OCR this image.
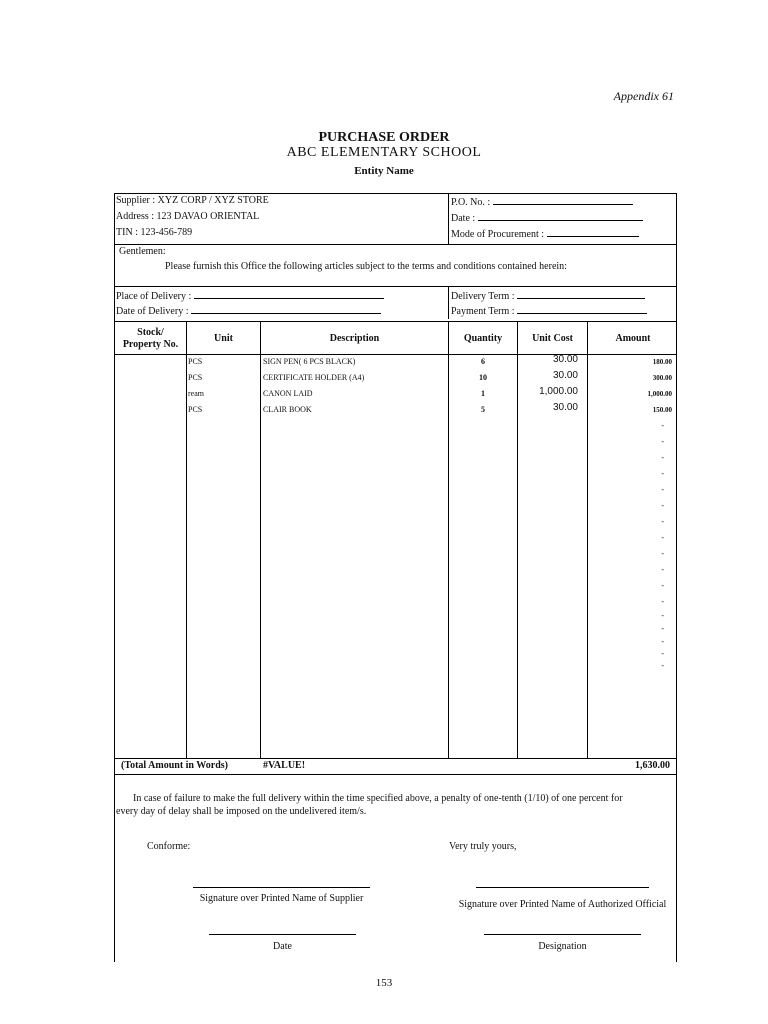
Appendix 61
PURCHASE ORDER
ABC ELEMENTARY SCHOOL
Entity Name
Supplier : XYZ CORP / XYZ STORE
Address : 123 DAVAO ORIENTAL
TIN : 123-456-789
P.O. No. :
Date :
Mode of Procurement :
Gentlemen:
Please furnish this Office the following articles subject to the terms and conditions contained herein:
Place of Delivery :
Date of Delivery :
Delivery Term :
Payment Term :
Stock/
Property No.
Unit	Description	Quantity	Unit Cost	Amount
PCS	SIGN PEN( 6 PCS BLACK)	6	30.00	180.00
PCS	CERTIFICATE HOLDER (A4)	10	30.00	300.00
ream	CANON LAID	1	1,000.00	1,000.00
PCS	CLAIR BOOK	5	30.00	150.00
-
-
-
-
-
-
-
-
-
-
-
-
-
-
-
-
-
(Total Amount in Words)	#VALUE!	1,630.00
In case of failure to make the full delivery within the time specified above, a penalty of one-tenth (1/10) of one percent for
every day of delay shall be imposed on the undelivered item/s.
Conforme:	Very truly yours,
Signature over Printed Name of Supplier
Signature over Printed Name of Authorized Official
Date	Designation
153
